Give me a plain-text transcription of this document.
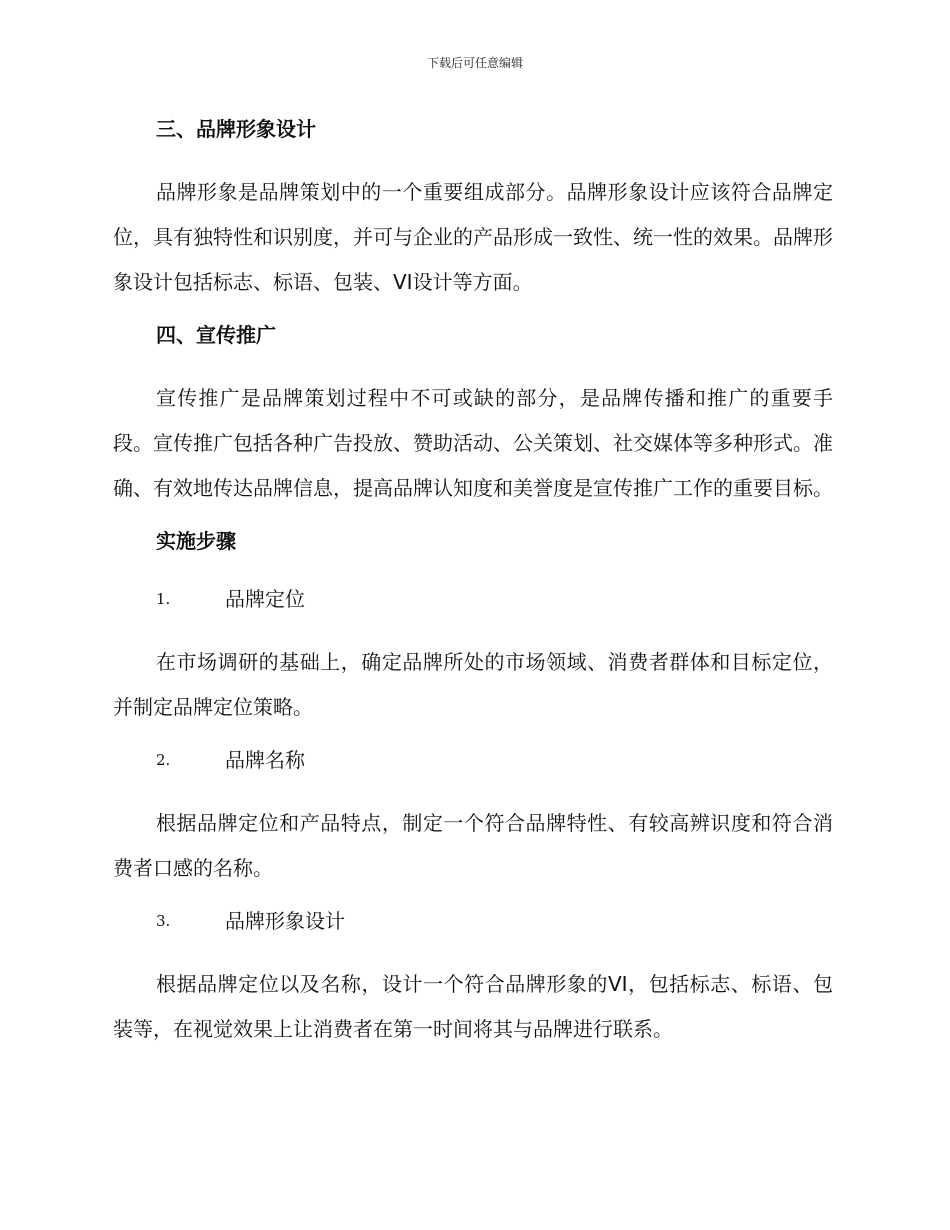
下载后可任意编辑
三、品牌形象设计

品牌形象是品牌策划中的一个重要组成部分。品牌形象设计应该符合品牌定位，具有独特性和识别度，并可与企业的产品形成一致性、统一性的效果。品牌形象设计包括标志、标语、包装、VI设计等方面。

四、宣传推广

宣传推广是品牌策划过程中不可或缺的部分，是品牌传播和推广的重要手段。宣传推广包括各种广告投放、赞助活动、公关策划、社交媒体等多种形式。准确、有效地传达品牌信息，提高品牌认知度和美誉度是宣传推广工作的重要目标。

实施步骤
1.	品牌定位

在市场调研的基础上，确定品牌所处的市场领域、消费者群体和目标定位，并制定品牌定位策略。

2.	品牌名称

根据品牌定位和产品特点，制定一个符合品牌特性、有较高辨识度和符合消费者口感的名称。

3.	品牌形象设计

根据品牌定位以及名称，设计一个符合品牌形象的VI，包括标志、标语、包装等，在视觉效果上让消费者在第一时间将其与品牌进行联系。
